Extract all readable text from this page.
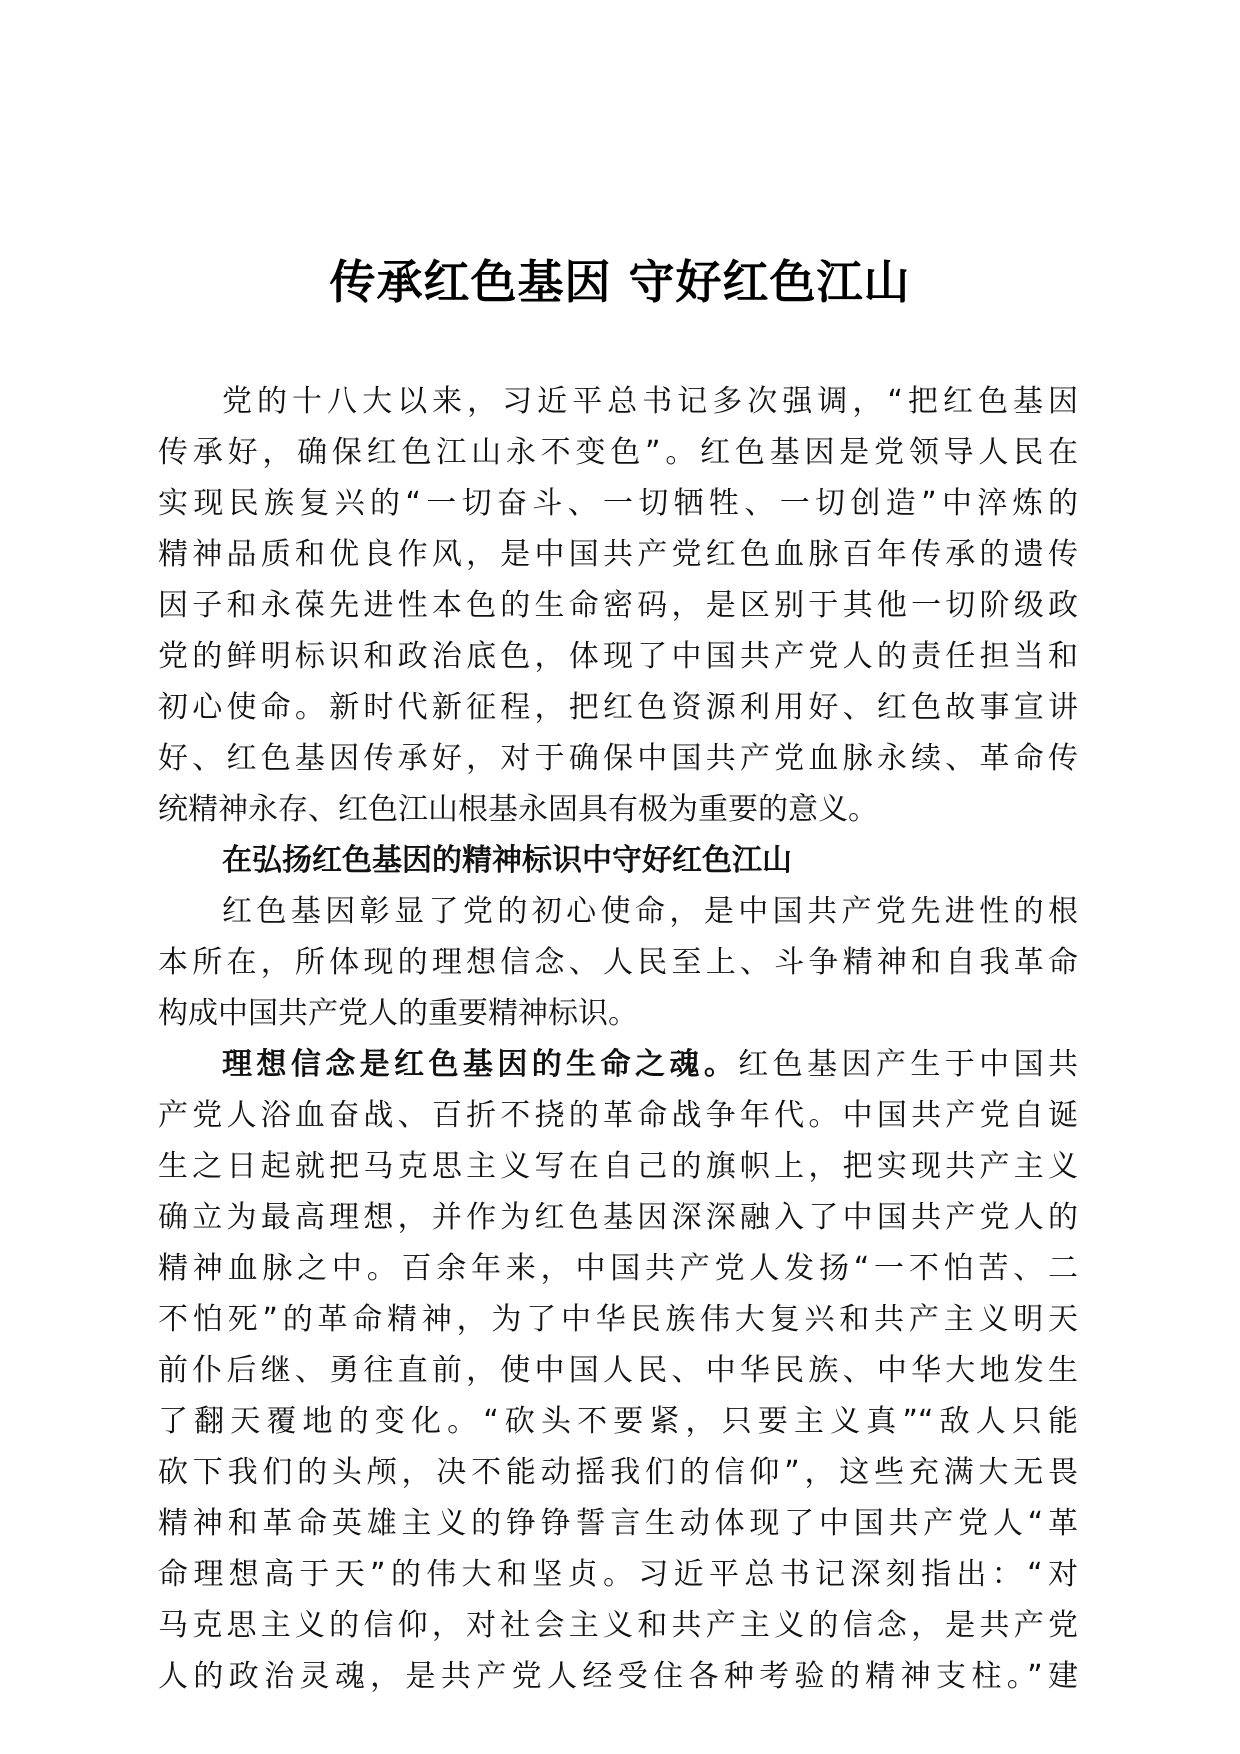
传承红色基因 守好红色江山
党的十八大以来，习近平总书记多次强调，“把红色基因
传承好，确保红色江山永不变色”。红色基因是党领导人民在
实现民族复兴的“一切奋斗、一切牺牲、一切创造”中淬炼的
精神品质和优良作风，是中国共产党红色血脉百年传承的遗传
因子和永葆先进性本色的生命密码，是区别于其他一切阶级政
党的鲜明标识和政治底色，体现了中国共产党人的责任担当和
初心使命。新时代新征程，把红色资源利用好、红色故事宣讲
好、红色基因传承好，对于确保中国共产党血脉永续、革命传
统精神永存、红色江山根基永固具有极为重要的意义。
在弘扬红色基因的精神标识中守好红色江山
红色基因彰显了党的初心使命，是中国共产党先进性的根
本所在，所体现的理想信念、人民至上、斗争精神和自我革命
构成中国共产党人的重要精神标识。
理想信念是红色基因的生命之魂。红色基因产生于中国共
产党人浴血奋战、百折不挠的革命战争年代。中国共产党自诞
生之日起就把马克思主义写在自己的旗帜上，把实现共产主义
确立为最高理想，并作为红色基因深深融入了中国共产党人的
精神血脉之中。百余年来，中国共产党人发扬“一不怕苦、二
不怕死”的革命精神，为了中华民族伟大复兴和共产主义明天
前仆后继、勇往直前，使中国人民、中华民族、中华大地发生
了翻天覆地的变化。“砍头不要紧，只要主义真”“敌人只能
砍下我们的头颅，决不能动摇我们的信仰”，这些充满大无畏
精神和革命英雄主义的铮铮誓言生动体现了中国共产党人“革
命理想高于天”的伟大和坚贞。习近平总书记深刻指出：“对
马克思主义的信仰，对社会主义和共产主义的信念，是共产党
人的政治灵魂，是共产党人经受住各种考验的精神支柱。”建
